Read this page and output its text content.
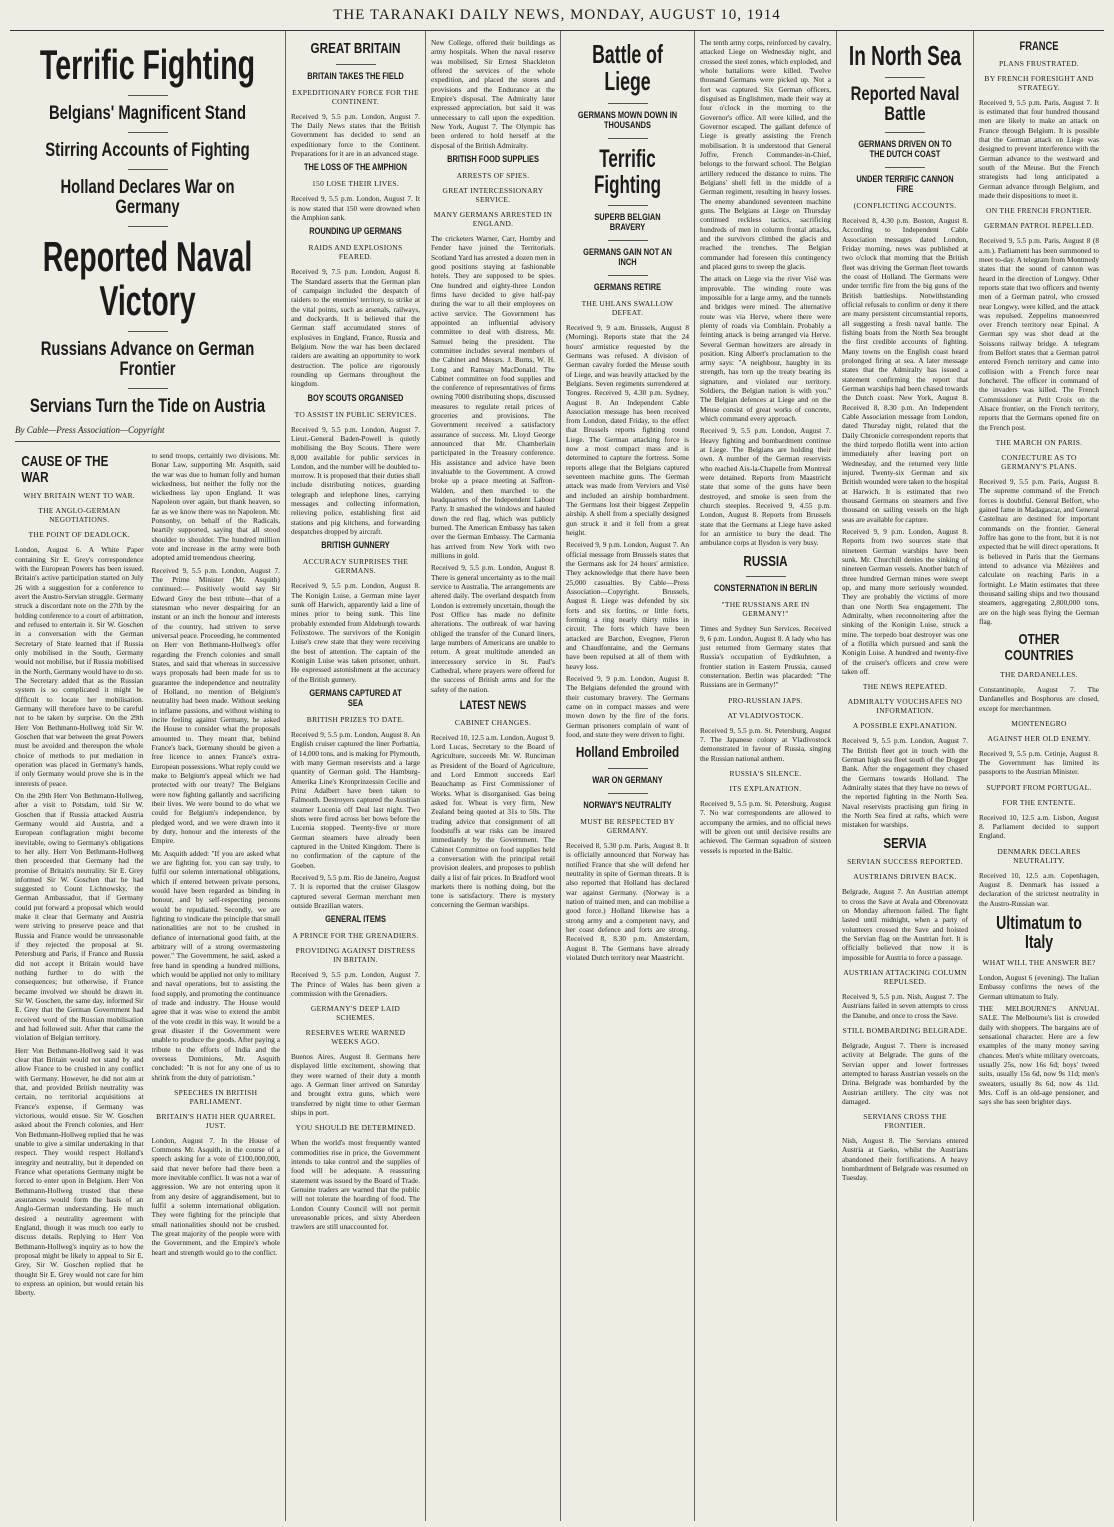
THE TARANAKI DAILY NEWS, MONDAY, AUGUST 10, 1914
Terrific Fighting
Belgians' Magnificent Stand
Stirring Accounts of Fighting
Holland Declares War on Germany
Reported Naval Victory
Russians Advance on German Frontier
Servians Turn the Tide on Austria
By Cable—Press Association—Copyright
CAUSE OF THE WAR
WHY BRITAIN WENT TO WAR.
THE ANGLO-GERMAN NEGOTIATIONS.
THE POINT OF DEADLOCK.

London, August 6. A White Paper containing Sir E. Grey's correspondence with the European Powers has been issued. Britain's active participation started on July 26 with a suggestion for a conference to avert the Austro-Servian struggle. Germany struck a discordant note on the 27th by the holding conference to a court of arbitration, and refused to entertain it. Sir W. Goschen in a conversation with the German Secretary of State learned that if Russia only mobilised in the South, Germany would not mobilise, but if Russia mobilised in the North, Germany would have to do so. The Secretary added that as the Russian system is so complicated it might be difficult to locate her mobilisation. Germany will therefore have to be careful not to be taken by surprise. On the 29th Herr Von Bethmann-Hollweg told Sir W. Goschen that war between the great Powers must be avoided and thereupon the whole choice of methods to put mediation in operation was placed in Germany's hands, if only Germany would prove she is in the interests of peace.

On the 29th Herr Von Bethmann-Hollweg, after a visit to Potsdam, told Sir W. Goschen that if Russia attacked Austria Germany would aid Austria, and a European conflagration might become inevitable, owing to Germany's obligations to her ally. Herr Von Bethmann-Hollweg then proceeded that Germany had the promise of Britain's neutrality. Sir E. Grey informed Sir W. Goschen that he had suggested to Count Lichnowsky, the German Ambassador, that if Germany could put forward a proposal which would make it clear that Germany and Austria were striving to preserve peace and that Russia and France would be unreasonable if they rejected the proposal at St. Petersburg and Paris, if France and Russia did not accept it Britain would have nothing further to do with the consequences; but otherwise, if France became involved we should be drawn in. Sir W. Goschen, the same day, informed Sir E. Grey that the German Government had received word of the Russian mobilisation and had followed suit. After that came the violation of Belgian territory.

Herr Von Bethmann-Hollweg said it was clear that Britain would not stand by and allow France to be crushed in any conflict with Germany. However, he did not aim at that, and provided British neutrality was certain, no territorial acquisitions at France's expense, if Germany was victorious, would ensue. Sir W. Goschen asked about the French colonies, and Herr Von Bethmann-Hollweg replied that he was unable to give a similar undertaking in that respect. They would respect Holland's integrity and neutrality, but it depended on France what operations Germany might be forced to enter upon in Belgium. Herr Von Bethmann-Hollweg trusted that these assurances would form the basis of an Anglo-German understanding. He much desired a neutrality agreement with England, though it was much too early to discuss details. Replying to Herr Von Bethmann-Hollweg's inquiry as to how the proposal might be likely to appeal to Sir E. Grey, Sir W. Goschen replied that he thought Sir E. Grey would not care for him to express an opinion, but would retain his liberty.

to send troops, certainly two divisions. Mr. Bonar Law, supporting Mr. Asquith, said the war was due to human folly and human wickedness, but neither the folly nor the wickedness lay upon England. It was Napoleon over again, but thank heaven, so far as we know there was no Napoleon. Mr. Ponsonby, on behalf of the Radicals, heartily supported, saying that all stood shoulder to shoulder. The hundred million vote and increase in the army were both adopted amid tremendous cheering.

Received 9, 5.5 p.m. London, August 7. The Prime Minister (Mr. Asquith) continued:— Positively would say Sir Edward Grey the best tribute—that of a statesman who never despairing for an instant or an inch the honour and interests of the country, had striven to serve universal peace. Proceeding, he commented on Herr von Bethmann-Hollweg's offer regarding the French colonies and small States, and said that whereas in successive ways proposals had been made for us to guarantee the independence and neutrality of Holland, no mention of Belgium's neutrality had been made. Without seeking to inflame passions, and without wishing to incite feeling against Germany, he asked the House to consider what the proposals amounted to. They meant that, behind France's back, Germany should be given a free licence to annex France's extra-European possessions. What reply could we make to Belgium's appeal which we had protected with our treaty? The Belgians were now fighting gallantly and sacrificing their lives. We were bound to do what we could for Belgium's independence, by pledged word, and we were drawn into it by duty, honour and the interests of the Empire.

Mr. Asquith added: "If you are asked what we are fighting for, you can say truly, to fulfil our solemn international obligations, which if entered between private persons, would have been regarded as binding in honour, and by self-respecting persons would be repudiated. Secondly, we are fighting to vindicate the principle that small nationalities are not to be crushed in defiance of international good faith, at the arbitrary will of a strong overmastering power." The Government, he said, asked a free hand in spending a hundred millions, which would be applied not only to military and naval operations, but to assisting the food supply, and promoting the continuance of trade and industry. The House would agree that it was wise to extend the ambit of the vote credit in this way. It would be a great disaster if the Government were unable to produce the goods. After paying a tribute to the efforts of India and the overseas Dominions, Mr. Asquith concluded: "It is not for any one of us to shrink from the duty of patriotism."

SPEECHES IN BRITISH PARLIAMENT.
BRITAIN'S HATH HER QUARREL JUST.

London, August 7. In the House of Commons Mr. Asquith, in the course of a speech asking for a vote of £100,000,000, said that never before had there been a more inevitable conflict. It was not a war of aggression. We are not entering upon it from any desire of aggrandisement, but to fulfil a solemn international obligation. They were fighting for the principle that small nationalities should not be crushed. The great majority of the people were with the Government, and the Empire's whole heart and strength would go to the conflict.

GREAT BRITAIN
BRITAIN TAKES THE FIELD
EXPEDITIONARY FORCE FOR THE CONTINENT.

Received 9, 5.5 p.m. London, August 7. The Daily News states that the British Government has decided to send an expeditionary force to the Continent. Preparations for it are in an advanced stage.

THE LOSS OF THE AMPHION
150 LOSE THEIR LIVES.

Received 9, 5.5 p.m. London, August 7. It is now stated that 150 were drowned when the Amphion sank.

ROUNDING UP GERMANS
RAIDS AND EXPLOSIONS FEARED.

Received 9, 7.5 p.m. London, August 8. The Standard asserts that the German plan of campaign included the despatch of raiders to the enemies' territory, to strike at the vital points, such as arsenals, railways, and dockyards. It is believed that the German staff accumulated stores of explosives in England, France, Russia and Belgium. Now the war has been declared raiders are awaiting an opportunity to work destruction. The police are rigorously rounding up Germans throughout the kingdom.

BOY SCOUTS ORGANISED
TO ASSIST IN PUBLIC SERVICES.

Received 9, 5.5 p.m. London, August 7. Lieut.-General Baden-Powell is quietly mobilising the Boy Scouts. There were 8,000 available for public services in London, and the number will be doubled to-morrow. It is proposed that their duties shall include distributing notices, guarding telegraph and telephone lines, carrying messages and collecting information, relieving police, establishing first aid stations and pig kitchens, and forwarding despatches dropped by aircraft.

BRITISH GUNNERY
ACCURACY SURPRISES THE GERMANS.

Received 9, 5.5 p.m. London, August 8. The Konigin Luise, a German mine layer sunk off Harwich, apparently laid a line of mines prior to being sunk. This line probably extended from Aldeburgh towards Felixstowe. The survivors of the Konigin Luise's crew state that they were receiving the best of attention. The captain of the Konigin Luise was taken prisoner, unhurt. He expressed astonishment at the accuracy of the British gunnery.

GERMANS CAPTURED AT SEA
BRITISH PRIZES TO DATE.

Received 9, 5.5 p.m. London, August 8. An English cruiser captured the liner Porbattia, of 14,000 tons, and is making for Plymouth, with many German reservists and a large quantity of German gold. The Hamburg-Amerika Line's Kronprinzessin Cecilie and Prinz Adalbert have been taken to Falmouth. Destroyers captured the Austrian steamer Lucenia off Deal last night. Two shots were fired across her bows before the Lucenia stopped. Twenty-five or more German steamers have already been captured in the United Kingdom. There is no confirmation of the capture of the Goeben.

Received 9, 5.5 p.m. Rio de Janeiro, August 7. It is reported that the cruiser Glasgow captured several German merchant men outside Brazilian waters.

GENERAL ITEMS
A PRINCE FOR THE GRENADIERS.
PROVIDING AGAINST DISTRESS IN BRITAIN.

Received 9, 5.5 p.m. London, August 7. The Prince of Wales has been given a commission with the Grenadiers.

GERMANY'S DEEP LAID SCHEMES.
RESERVES WERE WARNED WEEKS AGO.

Buenos Aires, August 8. Germans here displayed little excitement, showing that they were warned of their duty a month ago. A German liner arrived on Saturday and brought extra guns, which were transferred by night time to other German ships in port.

YOU SHOULD BE DETERMINED.

When the world's most frequently wanted commodities rise in price, the Government intends to take control and the supplies of food will be adequate. A reassuring statement was issued by the Board of Trade. Genuine traders are warned that the public will not tolerate the hoarding of food. The London County Council will not permit unreasonable prices, and sixty Aberdeen trawlers are still unaccounted for.

New College, offered their buildings as army hospitals. When the naval reserve was mobilised, Sir Ernest Shackleton offered the services of the whole expedition, and placed the stores and provisions and the Endurance at the Empire's disposal. The Admiralty later expressed appreciation, but said it was unnecessary to call upon the expedition. New York, August 7. The Olympic has been ordered to hold herself at the disposal of the British Admiralty.

BRITISH FOOD SUPPLIES
ARRESTS OF SPIES.
GREAT INTERCESSIONARY SERVICE.
MANY GERMANS ARRESTED IN ENGLAND.

The cricketers Warner, Carr, Hornby and Fender have joined the Territorials. Scotland Yard has arrested a dozen men in good positions staying at fashionable hotels. They are supposed to be spies. One hundred and eighty-three London firms have decided to give half-pay during the war to all their employees on active service. The Government has appointed an influential advisory committee to deal with distress, Mr. Samuel being the president. The committee includes several members of the Cabinet and Messrs. J. Burns, W. H. Long and Ramsay MacDonald. The Cabinet committee on food supplies and the conference of representatives of firms owning 7000 distributing shops, discussed measures to regulate retail prices of groceries and provisions. The Government received a satisfactory assurance of success. Mr. Lloyd George announced that Mr. Chamberlain participated in the Treasury conference. His assistance and advice have been invaluable to the Government. A crowd broke up a peace meeting at Saffron-Walden, and then marched to the headquarters of the Independent Labour Party. It smashed the windows and hauled down the red flag, which was publicly burned. The American Embassy has taken over the German Embassy. The Carmania has arrived from New York with two millions in gold.

Received 9, 5.5 p.m. London, August 8. There is general uncertainty as to the mail service to Australia. The arrangements are altered daily. The overland despatch from London is extremely uncertain, though the Post Office has made no definite alterations. The outbreak of war having obliged the transfer of the Cunard liners, large numbers of Americans are unable to return. A great multitude attended an intercessory service in St. Paul's Cathedral, where prayers were offered for the success of British arms and for the safety of the nation.

LATEST NEWS
CABINET CHANGES.

Received 10, 12.5 a.m. London, August 9. Lord Lucas, Secretary to the Board of Agriculture, succeeds Mr. W. Runciman as President of the Board of Agriculture, and Lord Emmott succeeds Earl Beauchamp as First Commissioner of Works. What is disorganised. Gas being asked for. Wheat is very firm, New Zealand being quoted at 31s to 50s. The trading advice that consignment of all foodstuffs at war risks can be insured immediately by the Government. The Cabinet Committee on food supplies held a conversation with the principal retail provision dealers, and proposes to publish daily a list of fair prices. In Bradford wool markets there is nothing doing, but the tone is satisfactory. There is mystery concerning the German warships.

Battle of Liege
GERMANS MOWN DOWN IN THOUSANDS
Terrific Fighting
SUPERB BELGIAN BRAVERY
GERMANS GAIN NOT AN INCH
GERMANS RETIRE
THE UHLANS SWALLOW DEFEAT.

Received 9, 9 a.m. Brussels, August 8 (Morning). Reports state that the 24 hours' armistice requested by the Germans was refused. A division of German cavalry forded the Meuse south of Liege, and was heavily attacked by the Belgians. Seven regiments surrendered at Tongres. Received 9, 4.30 p.m. Sydney, August 8. An Independent Cable Association message has been received from London, dated Friday, to the effect that Brussels reports fighting round Liege. The German attacking force is now a most compact mass and is determined to capture the fortress. Some reports allege that the Belgians captured seventeen machine guns. The German attack was made from Verviers and Visé and included an airship bombardment. The Germans lost their biggest Zeppelin airship. A shell from a specially designed gun struck it and it fell from a great height.

Received 9, 9 p.m. London, August 7. An official message from Brussels states that the Germans ask for 24 hours' armistice. They acknowledge that there have been 25,000 casualties. By Cable—Press Association—Copyright. Brussels, August 8. Liege was defended by six forts and six fortins, or little forts, forming a ring nearly thirty miles in circuit. The forts which have been attacked are Barchon, Evegnee, Fleron and Chaudfontaine, and the Germans have been repulsed at all of them with heavy loss.

Received 9, 9 p.m. London, August 8. The Belgians defended the ground with their customary bravery. The Germans came on in compact masses and were mown down by the fire of the forts. German prisoners complain of want of food, and state they were driven to fight.

Holland Embroiled
WAR ON GERMANY
NORWAY'S NEUTRALITY
MUST BE RESPECTED BY GERMANY.

Received 8, 5.30 p.m. Paris, August 8. It is officially announced that Norway has notified France that she will defend her neutrality in spite of German threats. It is also reported that Holland has declared war against Germany. (Norway is a nation of trained men, and can mobilise a good force.) Holland likewise has a strong army and a competent navy, and her coast defence and forts are strong. Received 8, 8.30 p.m. Amsterdam, August 8. The Germans have already violated Dutch territory near Maastricht.

The tenth army corps, reinforced by cavalry, attacked Liege on Wednesday night, and crossed the steel zones, which exploded, and whole battalions were killed. Twelve thousand Germans were picked up. Not a fort was captured. Six German officers, disguised as Englishmen, made their way at four o'clock in the morning to the Governor's office. All were killed, and the Governor escaped. The gallant defence of Liege is greatly assisting the French mobilisation. It is understood that General Joffre, French Commander-in-Chief, belongs to the forward school. The Belgian artillery reduced the distance to ruins. The Belgians' shell fell in the middle of a German regiment, resulting in heavy losses. The enemy abandoned seventeen machine guns. The Belgians at Liege on Thursday continued reckless tactics, sacrificing hundreds of men in column frontal attacks, and the survivors climbed the glacis and reached the trenches. The Belgian commander had foreseen this contingency and placed guns to sweep the glacis.

The attack on Liege via the river Visé was improvable. The winding route was impossible for a large army, and the tunnels and bridges were mined. The alternative route was via Herve, where there were plenty of roads via Comblain. Probably a feinting attack is being arranged via Herve. Several German howitzers are already in position. King Albert's proclamation to the army says: "A neighbour, haughty in its strength, has torn up the treaty bearing its signature, and violated our territory. Soldiers, the Belgian nation is with you." The Belgian defences at Liege and on the Meuse consist of great works of concrete, which command every approach.

Received 9, 5.5 p.m. London, August 7. Heavy fighting and bombardment continue at Liege. The Belgians are holding their own. A number of the German reservists who reached Aix-la-Chapelle from Montreal were detained. Reports from Maastricht state that some of the guns have been destroyed, and smoke is seen from the church steeples. Received 9, 4.55 p.m. London, August 8. Reports from Brussels state that the Germans at Liege have asked for an armistice to bury the dead. The ambulance corps at Ilysdon is very busy.

RUSSIA
CONSTERNATION IN BERLIN
"THE RUSSIANS ARE IN GERMANY!"

Times and Sydney Sun Services. Received 9, 6 p.m. London, August 8. A lady who has just returned from Germany states that Russia's occupation of Eydtkuhnen, a frontier station in Eastern Prussia, caused consternation. Berlin was placarded: "The Russians are in Germany!"

PRO-RUSSIAN JAPS.
AT VLADIVOSTOCK.

Received 9, 5.5 p.m. St. Petersburg, August 7. The Japanese colony at Vladivostock demonstrated in favour of Russia, singing the Russian national anthem.

RUSSIA'S SILENCE.
ITS EXPLANATION.

Received 9, 5.5 p.m. St. Petersburg, August 7. No war correspondents are allowed to accompany the armies, and no official news will be given out until decisive results are achieved. The German squadron of sixteen vessels is reported in the Baltic.

In North Sea
Reported Naval Battle
GERMANS DRIVEN ON TO THE DUTCH COAST
UNDER TERRIFIC CANNON FIRE
(CONFLICTING ACCOUNTS.

Received 8, 4.30 p.m. Boston, August 8. According to Independent Cable Association messages dated London, Friday morning, news was published at two o'clock that morning that the British fleet was driving the German fleet towards the coast of Holland. The Germans were under terrific fire from the big guns of the British battleships. Notwithstanding official refusals to confirm or deny it there are many persistent circumstantial reports, all suggesting a fresh naval battle. The fishing boats from the North Sea brought the first credible accounts of fighting. Many towns on the English coast heard prolonged firing at sea. A later message states that the Admiralty has issued a statement confirming the report that German warships had been chased towards the Dutch coast. New York, August 8. Received 8, 8.30 p.m. An Independent Cable Association message from London, dated Thursday night, related that the Daily Chronicle correspondent reports that the third torpedo flotilla went into action immediately after leaving port on Wednesday, and the returned very little injured. Twenty-six German and six British wounded were taken to the hospital at Harwich. It is estimated that two thousand Germans on steamers and five thousand on sailing vessels on the high seas are available for capture.

Received 9, 9 p.m. London, August 8. Reports from two sources state that nineteen German warships have been sunk. Mr. Churchill denies the sinking of nineteen German vessels. Another batch of three hundred German mines were swept up, and many more seriously wounded. They are probably the victims of more than one North Sea engagement. The Admiralty, when reconnoitering after the sinking of the Konigin Luise, struck a mine. The torpedo boat destroyer was one of a flotilla which pursued and sank the Konigin Luise. A hundred and twenty-five of the cruiser's officers and crew were taken off.

THE NEWS REPEATED.
ADMIRALTY VOUCHSAFES NO INFORMATION.
A POSSIBLE EXPLANATION.

Received 9, 5.5 p.m. London, August 7. The British fleet got in touch with the German high sea fleet south of the Dogger Bank. After the engagement they chased the Germans towards Holland. The Admiralty states that they have no news of the reported fighting in the North Sea. Naval reservists practising gun firing in the North Sea fired at rafts, which were mistaken for warships.

SERVIA
SERVIAN SUCCESS REPORTED.
AUSTRIANS DRIVEN BACK.

Belgrade, August 7. An Austrian attempt to cross the Save at Avala and Obrenovatz on Monday afternoon failed. The fight lasted until midnight, when a party of volunteers crossed the Save and hoisted the Servian flag on the Austrian fort. It is officially believed that now it is impossible for Austria to force a passage.

AUSTRIAN ATTACKING COLUMN REPULSED.

Received 9, 5.5 p.m. Nish, August 7. The Austrians failed in seven attempts to cross the Danube, and once to cross the Save.

STILL BOMBARDING BELGRADE.

Belgrade, August 7. There is increased activity at Belgrade. The guns of the Servian upper and lower fortresses attempted to harass Austrian vessels on the Drina. Belgrade was bombarded by the Austrian artillery. The city was not damaged.

SERVIANS CROSS THE FRONTIER.

Nish, August 8. The Servians entered Austria at Gaeko, whilst the Austrians abandoned their fortifications. A heavy bombardment of Belgrade was resumed on Tuesday.

FRANCE
PLANS FRUSTRATED.
BY FRENCH FORESIGHT AND STRATEGY.

Received 9, 5.5 p.m. Paris, August 7. It is estimated that four hundred thousand men are likely to make an attack on France through Belgium. It is possible that the German attack on Liege was designed to prevent interference with the German advance to the westward and south of the Meuse. But the French strategists had long anticipated a German advance through Belgium, and made their dispositions to meet it.

ON THE FRENCH FRONTIER.
GERMAN PATROL REPELLED.

Received 9, 5.5 p.m. Paris, August 8 (8 a.m.). Parliament has been summoned to meet to-day. A telegram from Montmedy states that the sound of cannon was heard in the direction of Longwy. Other reports state that two officers and twenty men of a German patrol, who crossed near Longwy, were killed, and the attack was repulsed. Zeppelins manoeuvred over French territory near Epinal. A German spy was shot dead at the Soissons railway bridge. A telegram from Belfort states that a German patrol entered French territory and came into collision with a French force near Joncherel. The officer in command of the invaders was killed. The French Commissioner at Petit Croix on the Alsace frontier, on the French territory, reports that the Germans opened fire on the French post.

THE MARCH ON PARIS.
CONJECTURE AS TO GERMANY'S PLANS.

Received 9, 5.5 p.m. Paris, August 8. The supreme command of the French forces is doubtful. General Belfort, who gained fame in Madagascar, and General Castelnau are destined for important commands on the frontier. General Joffre has gone to the front, but it is not expected that he will direct operations. It is believed in Paris that the Germans intend to advance via Mézières and calculate on reaching Paris in a fortnight. Le Matin estimates that three thousand sailing ships and two thousand steamers, aggregating 2,800,000 tons, are on the high seas flying the German flag.

OTHER COUNTRIES
THE DARDANELLES.

Constantinople, August 7. The Dardanelles and Bosphorus are closed, except for merchantmen.

MONTENEGRO
AGAINST HER OLD ENEMY.

Received 9, 5.5 p.m. Cetinje, August 8. The Government has limited its passports to the Austrian Minister.

SUPPORT FROM PORTUGAL.
FOR THE ENTENTE.

Received 10, 12.5 a.m. Lisbon, August 8. Parliament decided to support England.

DENMARK DECLARES NEUTRALITY.

Received 10, 12.5 a.m. Copenhagen, August 8. Denmark has issued a declaration of the strictest neutrality in the Austro-Russian war.

Ultimatum to Italy
WHAT WILL THE ANSWER BE?

London, August 6 (evening). The Italian Embassy confirms the news of the German ultimatum to Italy.

THE MELBOURNE'S ANNUAL SALE. The Melbourne's list is crowded daily with shoppers. The bargains are of sensational character. Here are a few examples of the many money saving chances. Men's white military overcoats, usually 25s, now 16s 6d; boys' tweed suits, usually 15s 6d, now 9s 11d; men's sweaters, usually 8s 6d, now 4s 11d. Mrs. Coff is an old-age pensioner, and says she has seen brighter days.
